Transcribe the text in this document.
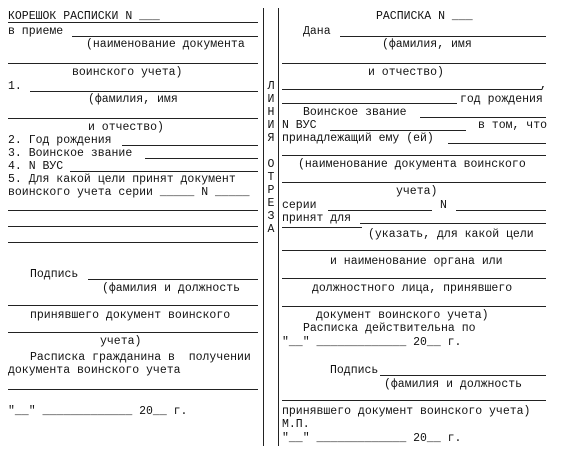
Л
И
Н
И
Я
О
Т
Р
Е
З
А
КОРЕШОК РАСПИСКИ N ___
в приеме
(наименование документа
воинского учета)
1.
(фамилия, имя
и отчество)
2. Год рождения
3. Воинское звание
4. N ВУС
5. Для какой цели принят документ
воинского учета серии _____ N _____
Подпись
(фамилия и должность
принявшего документ воинского
учета)
Расписка гражданина в  получении
документа воинского учета
"__" _____________ 20__ г.
РАСПИСКА N ___
Дана
(фамилия, имя
и отчество)
,
год рождения
Воинское звание
N ВУС	в том, что
принадлежащий ему (ей)
(наименование документа воинского
учета)
серии	N
принят для
(указать, для какой цели
и наименование органа или
должностного лица, принявшего
документ воинского учета)
Расписка действительна по
"__" _____________ 20__ г.
Подпись
(фамилия и должность
принявшего документ воинского учета)
М.П.
"__" _____________ 20__ г.
